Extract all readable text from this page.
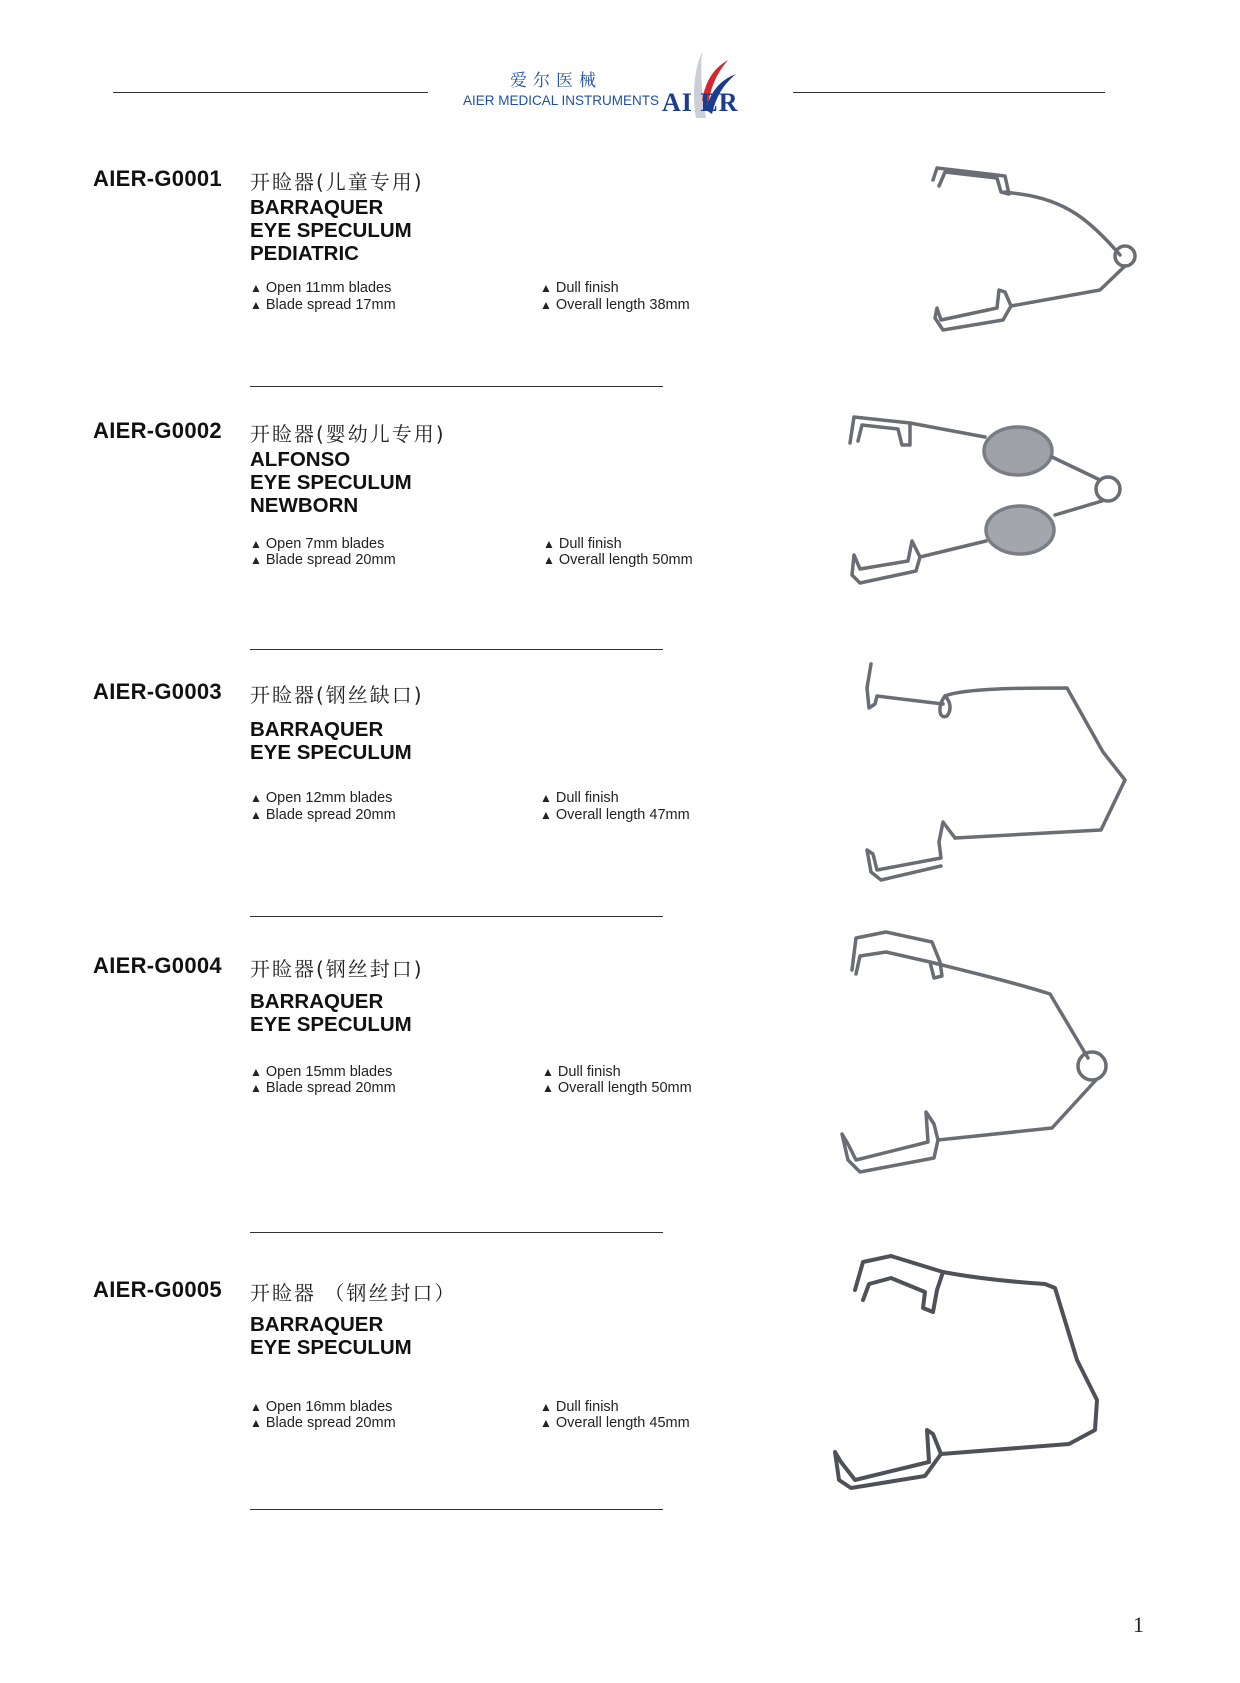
爱尔医械
AIER MEDICAL INSTRUMENTS AI ER
AIER-G0001 开睑器(儿童专用)
BARRAQUER
EYE SPECULUM
PEDIATRIC
▲ Open 11mm blades
▲ Blade spread 17mm
▲ Dull finish
▲ Overall length 38mm
AIER-G0002 开睑器(婴幼儿专用)
ALFONSO
EYE SPECULUM
NEWBORN
▲ Open 7mm blades
▲ Blade spread 20mm
▲ Dull finish
▲ Overall length 50mm
AIER-G0003 开睑器(钢丝缺口)
BARRAQUER
EYE SPECULUM
▲ Open 12mm blades
▲ Blade spread 20mm
▲ Dull finish
▲ Overall length 47mm
AIER-G0004 开睑器(钢丝封口)
BARRAQUER
EYE SPECULUM
▲ Open 15mm blades
▲ Blade spread 20mm
▲ Dull finish
▲ Overall length 50mm
AIER-G0005 开睑器 （钢丝封口）
BARRAQUER
EYE SPECULUM
▲ Open 16mm blades
▲ Blade spread 20mm
▲ Dull finish
▲ Overall length 45mm
1
